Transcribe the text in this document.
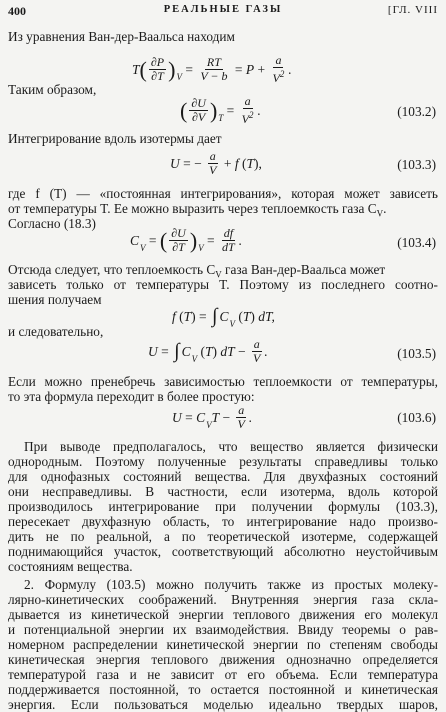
400	РЕАЛЬНЫЕ ГАЗЫ	[ГЛ. VIII
Из уравнения Ван-дер-Ваальса находим
T ( $\frac{\partial P}{\partial T}$ ) $V = \frac{RT}{V - b} = P + \frac{a}{V^2}$ .
Таким образом,
( $\frac{\partial U}{\partial V}$ ) $T = \frac{a}{V^2}$ .	(103.2)
Интегрирование вдоль изотермы дает
U = − $\frac{a}{V} + f$ ( T ),	(103.3)
где f (T) — «постоянная интегрирования», которая может зависеть
от температуры T. Ее можно выразить через теплоемкость газа $C_V$.
Согласно (18.3)
C V = ( $\frac{\partial U}{\partial T}$ ) $V = \frac{df}{dT}$ .	(103.4)
Отсюда следует, что теплоемкость $C_V$ газа Ван-дер-Ваальса может
зависеть только от температуры T. Поэтому из последнего соотно-
шения получаем
f ( T ) = ∫ C V ( T ) dT,
и следовательно,
U = ∫ C V ( T ) dT − $\frac{a}{V}$ .	(103.5)
Если можно пренебречь зависимостью теплоемкости от температуры,
то эта формула переходит в более простую:
U = C V $T - \frac{a}{V}$ .	(103.6)
При выводе предполагалось, что вещество является физически
однородным. Поэтому полученные результаты справедливы только
для однофазных состояний вещества. Для двухфазных состояний
они несправедливы. В частности, если изотерма, вдоль которой
производилось интегрирование при получении формулы (103.3),
пересекает двухфазную область, то интегрирование надо произво-
дить не по реальной, а по теоретической изотерме, содержащей
поднимающийся участок, соответствующий абсолютно неустойчивым
состояниям вещества.
2. Формулу (103.5) можно получить также из простых молеку-
лярно-кинетических соображений. Внутренняя энергия газа скла-
дывается из кинетической энергии теплового движения его молекул
и потенциальной энергии их взаимодействия. Ввиду теоремы о рав-
номерном распределении кинетической энергии по степеням свободы
кинетическая энергия теплового движения однозначно определяется
температурой газа и не зависит от его объема. Если температура
поддерживается постоянной, то остается постоянной и кинетическая
энергия. Если пользоваться моделью идеально твердых шаров,
